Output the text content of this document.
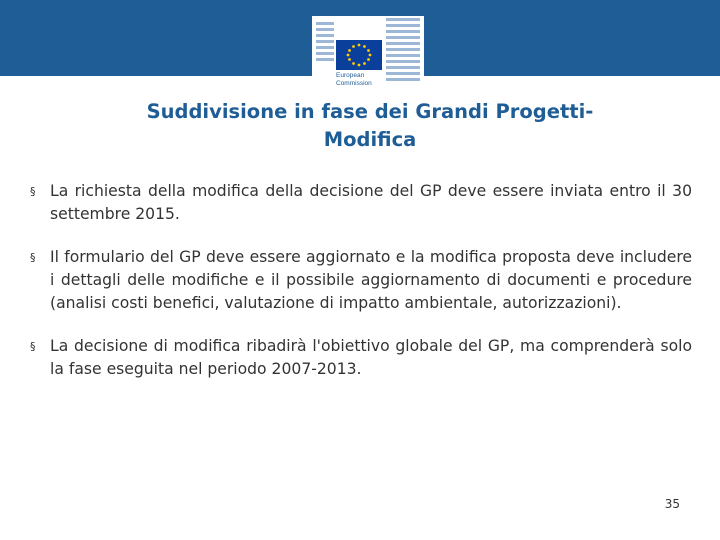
European
Commission
Suddivisione in fase dei Grandi Progetti-
Modifica
§ La richiesta della modifica della decisione del GP deve essere inviata entro il 30 settembre 2015.
§ Il formulario del GP deve essere aggiornato e la modifica proposta deve includere i dettagli delle modifiche e il possibile aggiornamento di documenti e procedure (analisi costi benefici, valutazione di impatto ambientale, autorizzazioni).
§ La decisione di modifica ribadirà l'obiettivo globale del GP, ma comprenderà solo la fase eseguita nel periodo 2007-2013.
35
